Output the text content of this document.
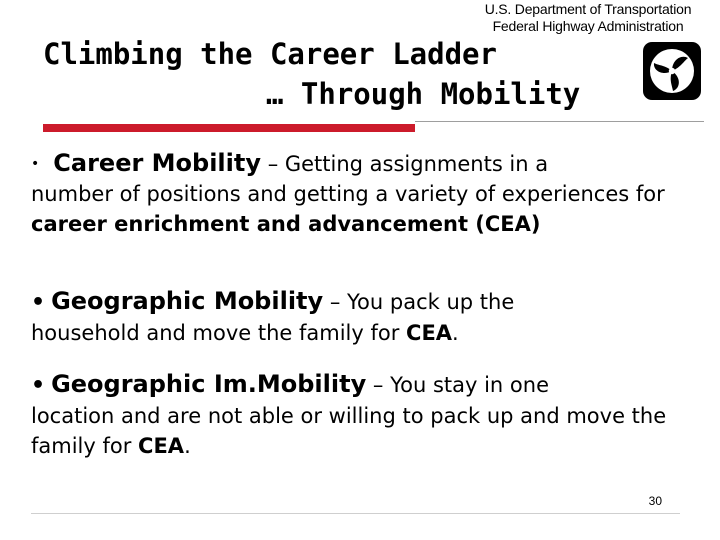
U.S. Department of Transportation
Federal Highway Administration
Climbing the Career Ladder
… Through Mobility
• Career Mobility – Getting assignments in a
number of positions and getting a variety of experiences for career enrichment and advancement (CEA)
• Geographic Mobility – You pack up the
household and move the family for CEA.
• Geographic Im.Mobility – You stay in one
location and are not able or willing to pack up and move the family for CEA.
30
